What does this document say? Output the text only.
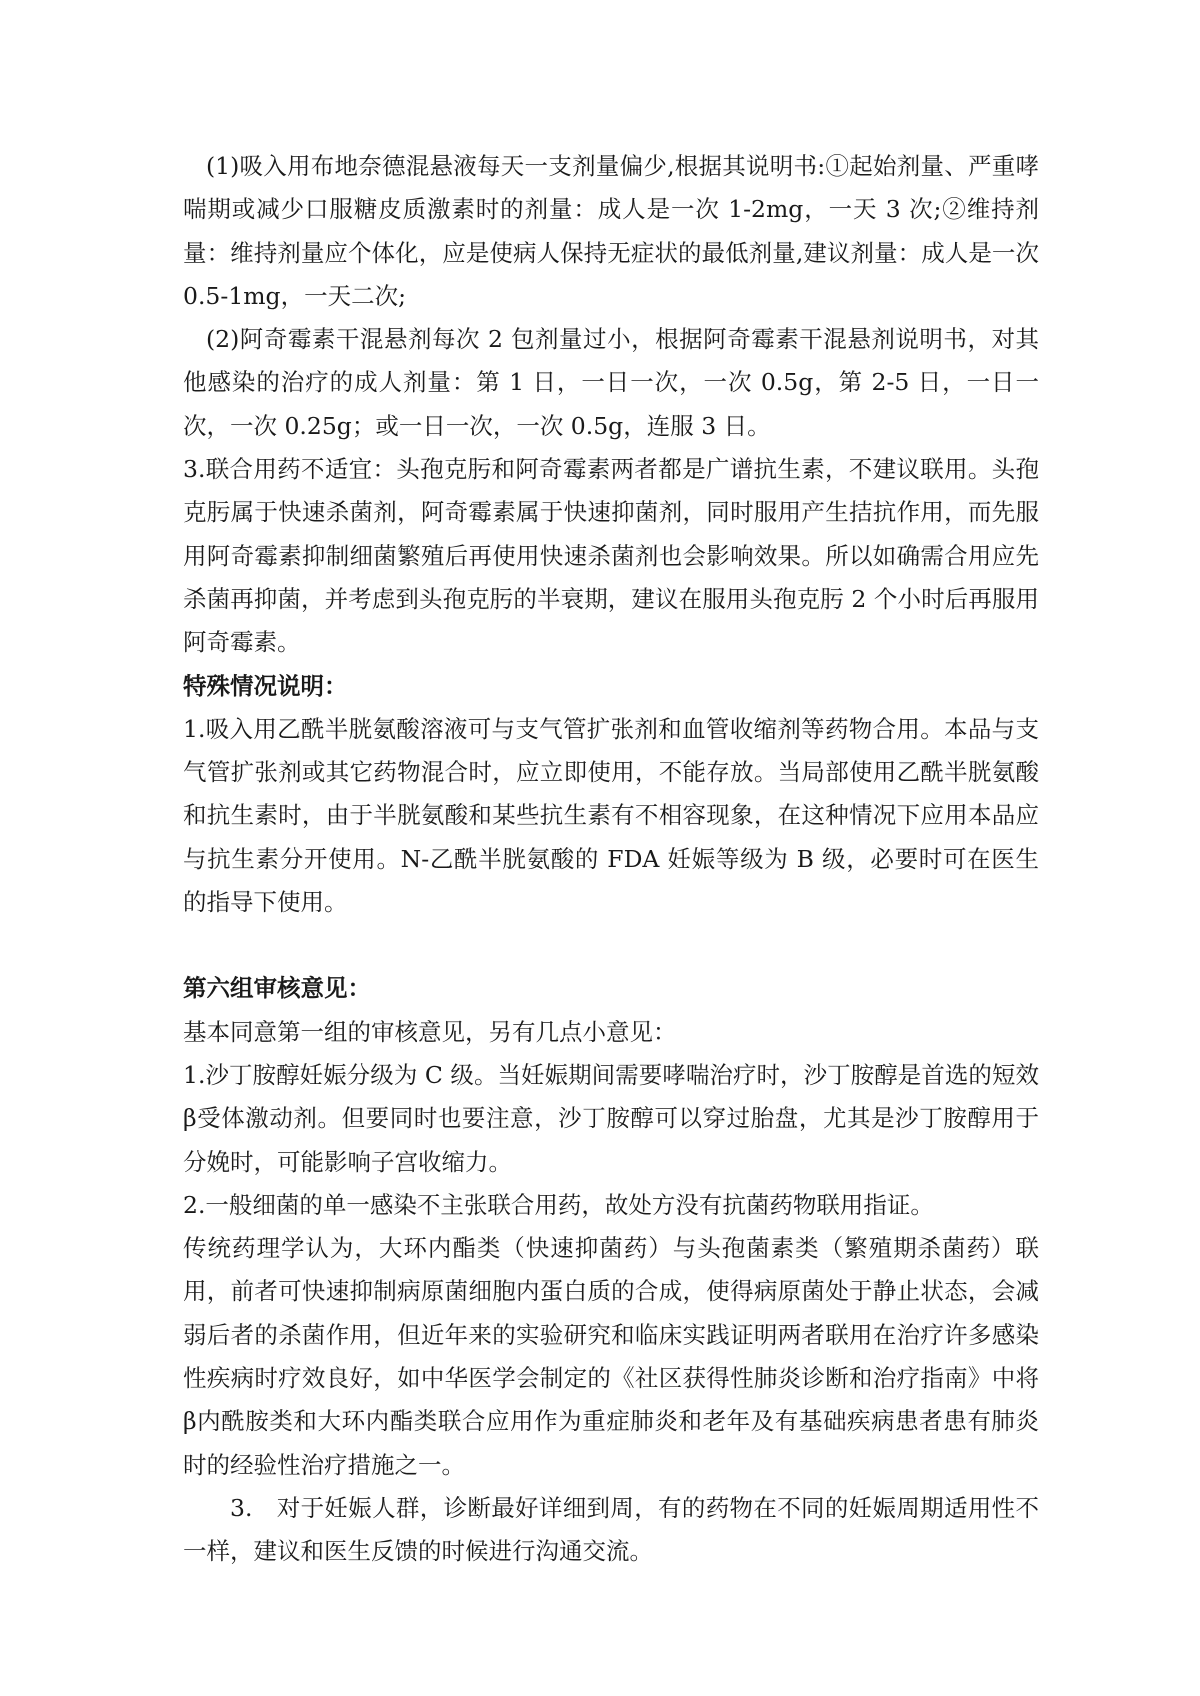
(1)吸入用布地奈德混悬液每天一支剂量偏少,根据其说明书:①起始剂量、严重哮喘期或减少口服糖皮质激素时的剂量：成人是一次 1-2mg，一天 3 次;②维持剂量：维持剂量应个体化，应是使病人保持无症状的最低剂量,建议剂量：成人是一次 0.5-1mg，一天二次;

(2)阿奇霉素干混悬剂每次 2 包剂量过小，根据阿奇霉素干混悬剂说明书，对其他感染的治疗的成人剂量：第 1 日，一日一次，一次 0.5g，第 2-5 日，一日一次，一次 0.25g；或一日一次，一次 0.5g，连服 3 日。

3.联合用药不适宜：头孢克肟和阿奇霉素两者都是广谱抗生素，不建议联用。头孢克肟属于快速杀菌剂，阿奇霉素属于快速抑菌剂，同时服用产生拮抗作用，而先服用阿奇霉素抑制细菌繁殖后再使用快速杀菌剂也会影响效果。所以如确需合用应先杀菌再抑菌，并考虑到头孢克肟的半衰期，建议在服用头孢克肟 2 个小时后再服用阿奇霉素。

特殊情况说明：

1.吸入用乙酰半胱氨酸溶液可与支气管扩张剂和血管收缩剂等药物合用。本品与支气管扩张剂或其它药物混合时，应立即使用，不能存放。当局部使用乙酰半胱氨酸和抗生素时，由于半胱氨酸和某些抗生素有不相容现象，在这种情况下应用本品应与抗生素分开使用。N-乙酰半胱氨酸的 FDA 妊娠等级为 B 级，必要时可在医生的指导下使用。

第六组审核意见：

基本同意第一组的审核意见，另有几点小意见：

1.沙丁胺醇妊娠分级为 C 级。当妊娠期间需要哮喘治疗时，沙丁胺醇是首选的短效β受体激动剂。但要同时也要注意，沙丁胺醇可以穿过胎盘，尤其是沙丁胺醇用于分娩时，可能影响子宫收缩力。

2.一般细菌的单一感染不主张联合用药，故处方没有抗菌药物联用指证。

传统药理学认为，大环内酯类（快速抑菌药）与头孢菌素类（繁殖期杀菌药）联用，前者可快速抑制病原菌细胞内蛋白质的合成，使得病原菌处于静止状态，会减弱后者的杀菌作用，但近年来的实验研究和临床实践证明两者联用在治疗许多感染性疾病时疗效良好，如中华医学会制定的《社区获得性肺炎诊断和治疗指南》中将β内酰胺类和大环内酯类联合应用作为重症肺炎和老年及有基础疾病患者患有肺炎时的经验性治疗措施之一。

3. 对于妊娠人群，诊断最好详细到周，有的药物在不同的妊娠周期适用性不一样，建议和医生反馈的时候进行沟通交流。
